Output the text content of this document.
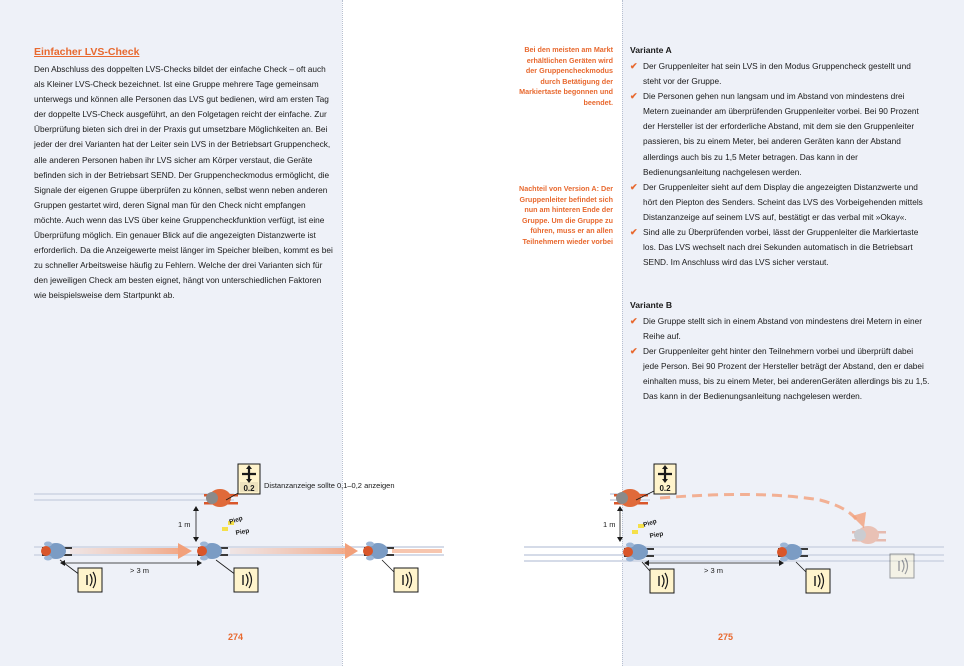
Einfacher LVS-Check
Den Abschluss des doppelten LVS-Checks bildet der einfache Check – oft auch als Kleiner LVS-Check bezeichnet. Ist eine Gruppe mehrere Tage gemeinsam unterwegs und können alle Personen das LVS gut bedienen, wird am ersten Tag der doppelte LVS-Check ausgeführt, an den Folgetagen reicht der einfache. Zur Überprüfung bieten sich drei in der Praxis gut umsetzbare Möglichkeiten an. Bei jeder der drei Varianten hat der Leiter sein LVS in der Betriebsart Gruppencheck, alle anderen Personen haben ihr LVS sicher am Körper verstaut, die Geräte befinden sich in der Betriebsart SEND. Der Gruppencheckmodus ermöglicht, die Signale der eigenen Gruppe überprüfen zu können, selbst wenn neben anderen Gruppen gestartet wird, deren Signal man für den Check nicht empfangen möchte. Auch wenn das LVS über keine Gruppencheckfunktion verfügt, ist eine Überprüfung möglich. Ein genauer Blick auf die angezeigten Distanzwerte ist erforderlich. Da die Anzeigewerte meist länger im Speicher bleiben, kommt es bei zu schneller Arbeitsweise häufig zu Fehlern. Welche der drei Varianten sich für den jeweiligen Check am besten eignet, hängt von unterschiedlichen Faktoren wie beispielsweise dem Startpunkt ab.
Bei den meisten am Markt erhältlichen Geräten wird der Gruppencheckmodus durch Betätigung der Markiertaste begonnen und beendet.
Nachteil von Version A: Der Gruppenleiter befindet sich nun am hinteren Ende der Gruppe. Um die Gruppe zu führen, muss er an allen Teilnehmern wieder vorbei
Variante A
✔ Der Gruppenleiter hat sein LVS in den Modus Gruppencheck gestellt und steht vor der Gruppe.
✔ Die Personen gehen nun langsam und im Abstand von mindestens drei Metern zueinander am überprüfenden Gruppenleiter vorbei. Bei 90 Prozent der Hersteller ist der erforderliche Abstand, mit dem sie den Gruppenleiter passieren, bis zu einem Meter, bei anderen Geräten kann der Abstand allerdings auch bis zu 1,5 Meter betragen. Das kann in der Bedienungsanleitung nachgelesen werden.
✔ Der Gruppenleiter sieht auf dem Display die angezeigten Distanzwerte und hört den Piepton des Senders. Scheint das LVS des Vorbeigehenden mittels Distanzanzeige auf seinem LVS auf, bestätigt er das verbal mit »Okay«.
✔ Sind alle zu Überprüfenden vorbei, lässt der Gruppenleiter die Markiertaste los. Das LVS wechselt nach drei Sekunden automatisch in die Betriebsart SEND. Im Anschluss wird das LVS sicher verstaut.
Variante B
✔ Die Gruppe stellt sich in einem Abstand von mindestens drei Metern in einer Reihe auf.
✔ Der Gruppenleiter geht hinter den Teilnehmern vorbei und überprüft dabei jede Person. Bei 90 Prozent der Hersteller beträgt der Abstand, den er dabei einhalten muss, bis zu einem Meter, bei anderenGeräten allerdings bis zu 1,5. Das kann in der Bedienungsanleitung nachgelesen werden.
0.2 Distanzanzeige sollte 0,1–0,2 anzeigen
Piep
Piep
1 m
> 3 m
0.2
Piep
Piep
1 m
> 3 m
274	275
